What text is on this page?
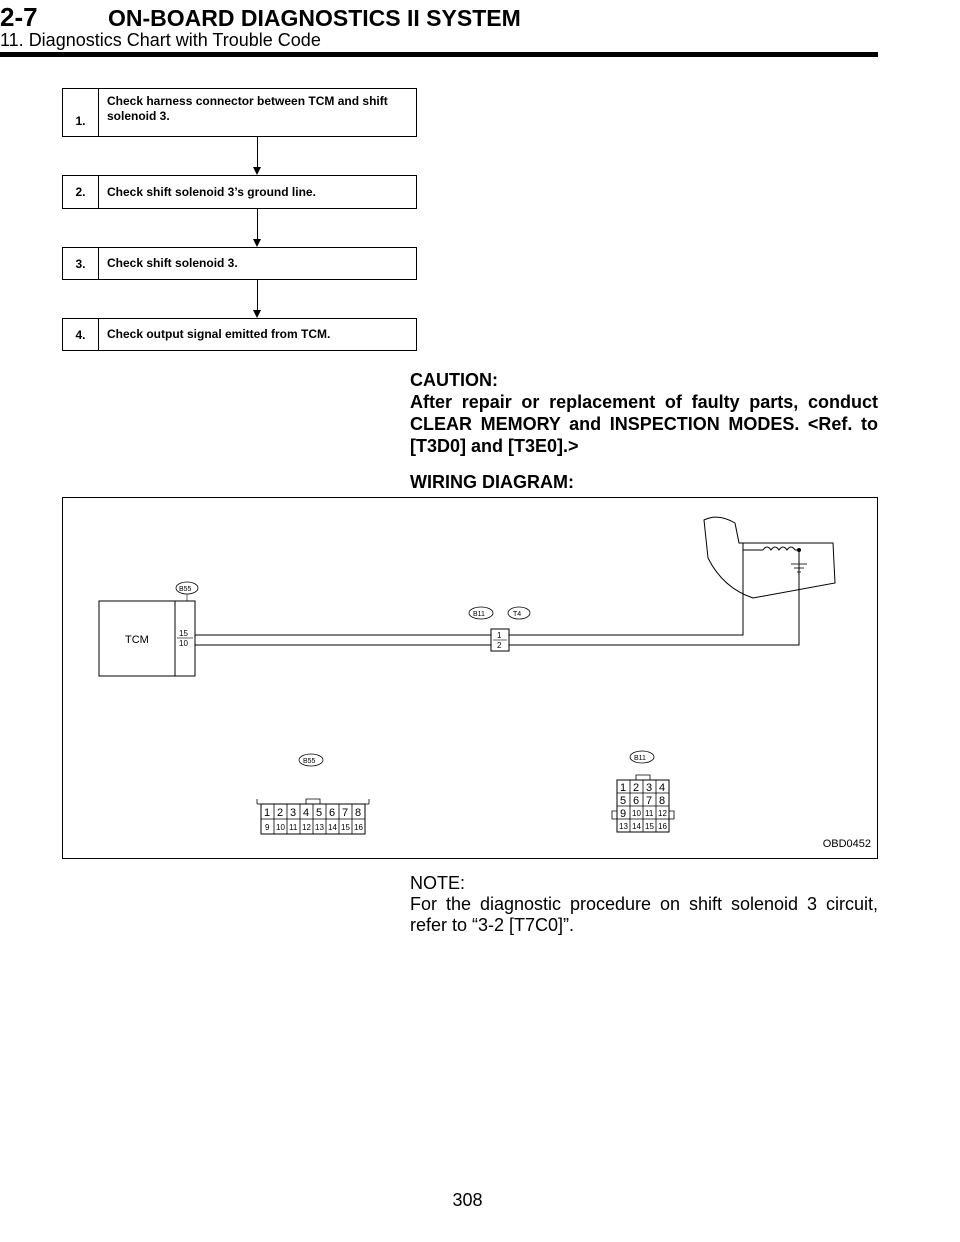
2-7	ON-BOARD DIAGNOSTICS II SYSTEM
11. Diagnostics Chart with Trouble Code
1.
Check harness connector between TCM and shift solenoid 3.
2.	Check shift solenoid 3’s ground line.
3.	Check shift solenoid 3.
4.	Check output signal emitted from TCM.
CAUTION:
After repair or replacement of faulty parts, conduct CLEAR MEMORY and INSPECTION MODES. <Ref. to [T3D0] and [T3E0].>
WIRING DIAGRAM:
TCM
15
10
B55
1
2
B11	T4
B55
1 2 3 4 5 6 7 8
9 10 11 12 13 14 15 16
B11
1 2 3 4
5 6 7 8
9 10 11 12
13 14 15 16
OBD0452
NOTE:
For the diagnostic procedure on shift solenoid 3 circuit, refer to “3-2 [T7C0]”.
308
